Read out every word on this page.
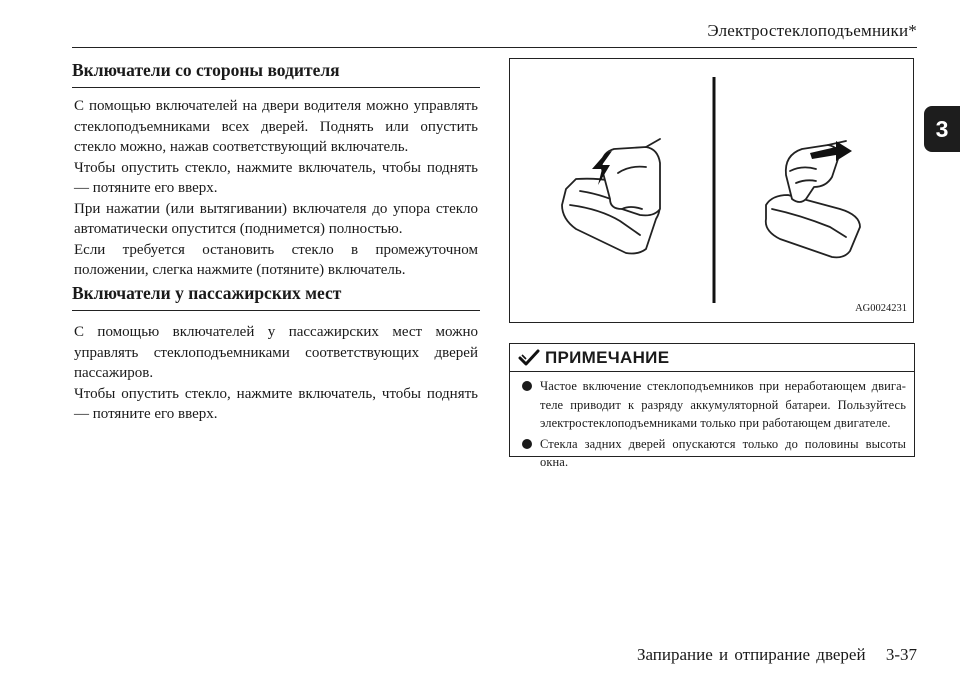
Электростеклоподъемники*
3
Включатели со стороны водителя

С помощью включателей на двери водителя можно управлять стеклоподъемниками всех дверей. Поднять или опустить стекло можно, нажав соответствующий включатель.

Чтобы опустить стекло, нажмите включатель, чтобы поднять — потяните его вверх.

При нажатии (или вытягивании) включателя до упора стекло автоматически опустится (поднимется) полностью.

Если требуется остановить стекло в промежуточном положении, слегка нажмите (потяните) включатель.

Включатели у пассажирских мест

С помощью включателей у пассажирских мест можно управлять стеклоподъемниками соответствующих дверей пассажиров.

Чтобы опустить стекло, нажмите включатель, чтобы поднять — потяните его вверх.

AG0024231
ПРИМЕЧАНИЕ
Частое включение стеклоподъемников при неработающем двига-теле приводит к разряду аккумуляторной батареи. Пользуйтесь электростеклоподъемниками только при работающем двигателе.
Стекла задних дверей опускаются только до половины высоты окна.
Запирание и отпирание дверей 3-37
